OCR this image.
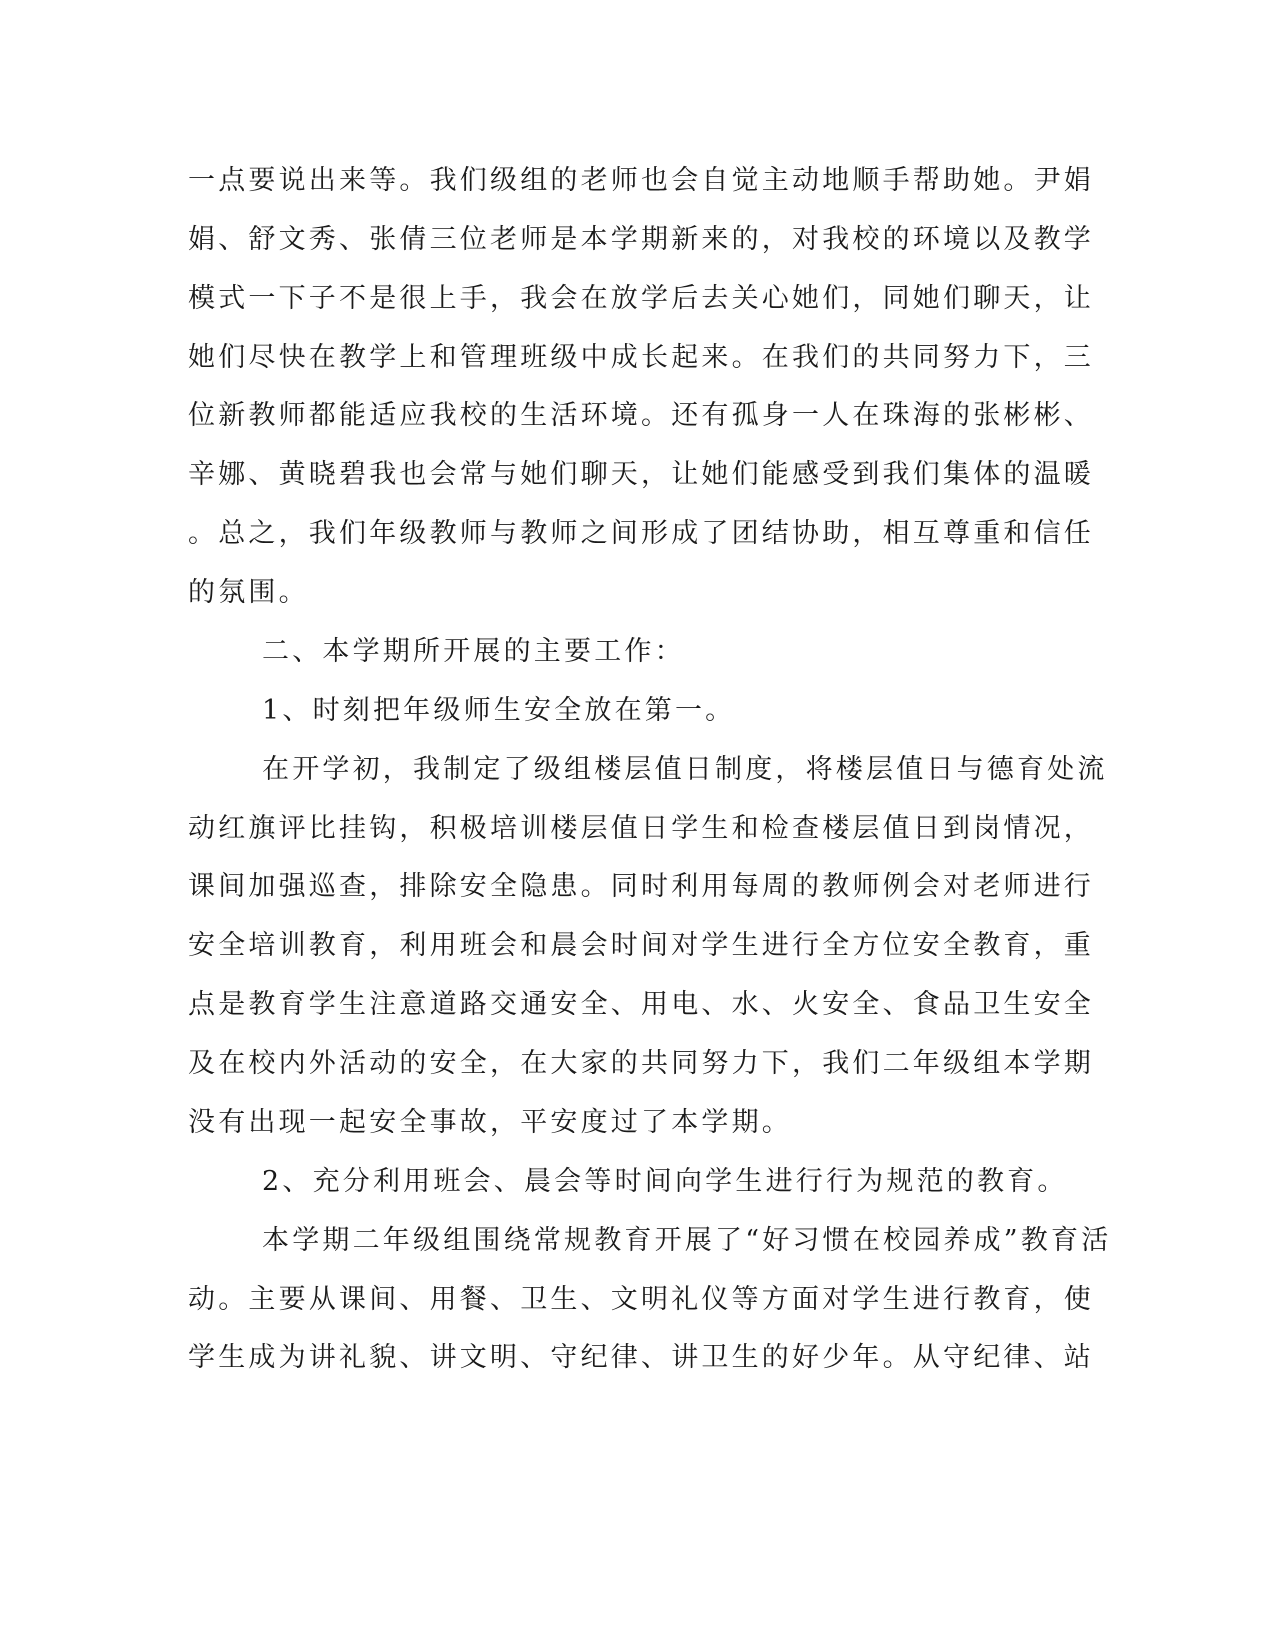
一点要说出来等。我们级组的老师也会自觉主动地顺手帮助她。尹娟
娟、舒文秀、张倩三位老师是本学期新来的，对我校的环境以及教学
模式一下子不是很上手，我会在放学后去关心她们，同她们聊天，让
她们尽快在教学上和管理班级中成长起来。在我们的共同努力下，三
位新教师都能适应我校的生活环境。还有孤身一人在珠海的张彬彬、
辛娜、黄晓碧我也会常与她们聊天，让她们能感受到我们集体的温暖
。总之，我们年级教师与教师之间形成了团结协助，相互尊重和信任
的氛围。
二、本学期所开展的主要工作：
1、时刻把年级师生安全放在第一。
在开学初，我制定了级组楼层值日制度，将楼层值日与德育处流
动红旗评比挂钩，积极培训楼层值日学生和检查楼层值日到岗情况，
课间加强巡查，排除安全隐患。同时利用每周的教师例会对老师进行
安全培训教育，利用班会和晨会时间对学生进行全方位安全教育，重
点是教育学生注意道路交通安全、用电、水、火安全、食品卫生安全
及在校内外活动的安全，在大家的共同努力下，我们二年级组本学期
没有出现一起安全事故，平安度过了本学期。
2、充分利用班会、晨会等时间向学生进行行为规范的教育。
本学期二年级组围绕常规教育开展了“好习惯在校园养成”教育活
动。主要从课间、用餐、卫生、文明礼仪等方面对学生进行教育，使
学生成为讲礼貌、讲文明、守纪律、讲卫生的好少年。从守纪律、站
